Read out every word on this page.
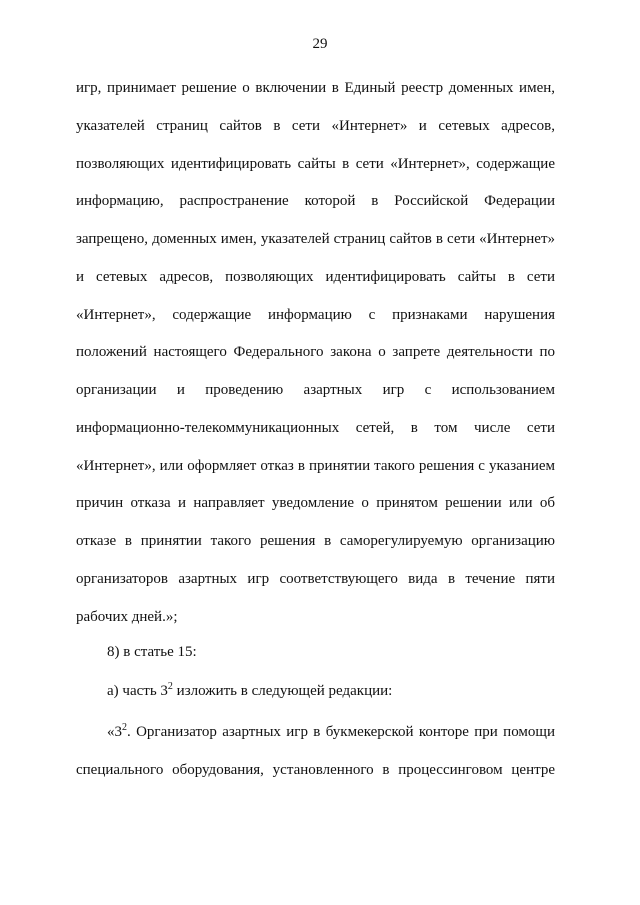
29
игр, принимает решение о включении в Единый реестр доменных имен,
указателей страниц сайтов в сети «Интернет» и сетевых адресов,
позволяющих идентифицировать сайты в сети «Интернет», содержащие
информацию, распространение которой в Российской Федерации
запрещено, доменных имен, указателей страниц сайтов в сети «Интернет»
и сетевых адресов, позволяющих идентифицировать сайты в сети
«Интернет», содержащие информацию с признаками нарушения
положений настоящего Федерального закона о запрете деятельности по
организации и проведению азартных игр с использованием
информационно-телекоммуникационных сетей, в том числе сети
«Интернет», или оформляет отказ в принятии такого решения с указанием
причин отказа и направляет уведомление о принятом решении или об
отказе в принятии такого решения в саморегулируемую организацию
организаторов азартных игр соответствующего вида в течение пяти
рабочих дней.»;
8) в статье 15:
а) часть $3^2$ изложить в следующей редакции:
«$3^2$. Организатор азартных игр в букмекерской конторе при помощи
специального оборудования, установленного в процессинговом центре
